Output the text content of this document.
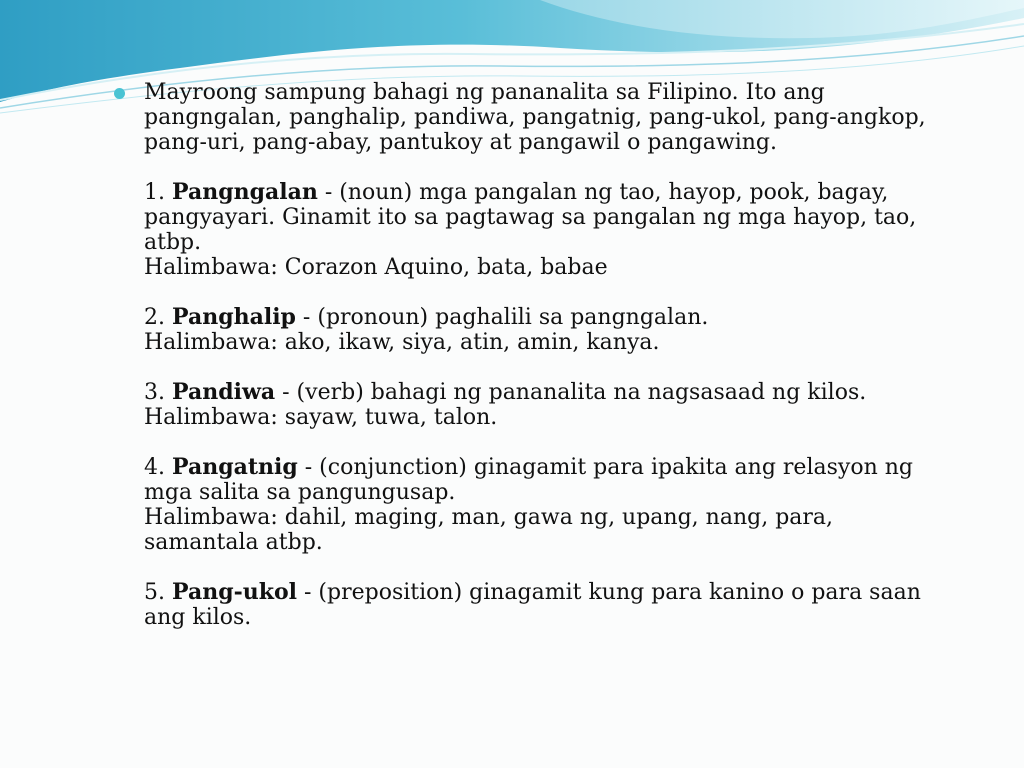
Mayroong sampung bahagi ng pananalita sa Filipino. Ito ang
pangngalan, panghalip, pandiwa, pangatnig, pang-ukol, pang-angkop,
pang-uri, pang-abay, pantukoy at pangawil o pangawing.

1. Pangngalan - (noun) mga pangalan ng tao, hayop, pook, bagay,
pangyayari. Ginamit ito sa pagtawag sa pangalan ng mga hayop, tao,
atbp.
Halimbawa: Corazon Aquino, bata, babae
2. Panghalip - (pronoun) paghalili sa pangngalan.
Halimbawa: ako, ikaw, siya, atin, amin, kanya.
3. Pandiwa - (verb) bahagi ng pananalita na nagsasaad ng kilos.
Halimbawa: sayaw, tuwa, talon.
4. Pangatnig - (conjunction) ginagamit para ipakita ang relasyon ng
mga salita sa pangungusap.
Halimbawa: dahil, maging, man, gawa ng, upang, nang, para, samantala atbp.
5. Pang-ukol - (preposition) ginagamit kung para kanino o para saan
ang kilos.
